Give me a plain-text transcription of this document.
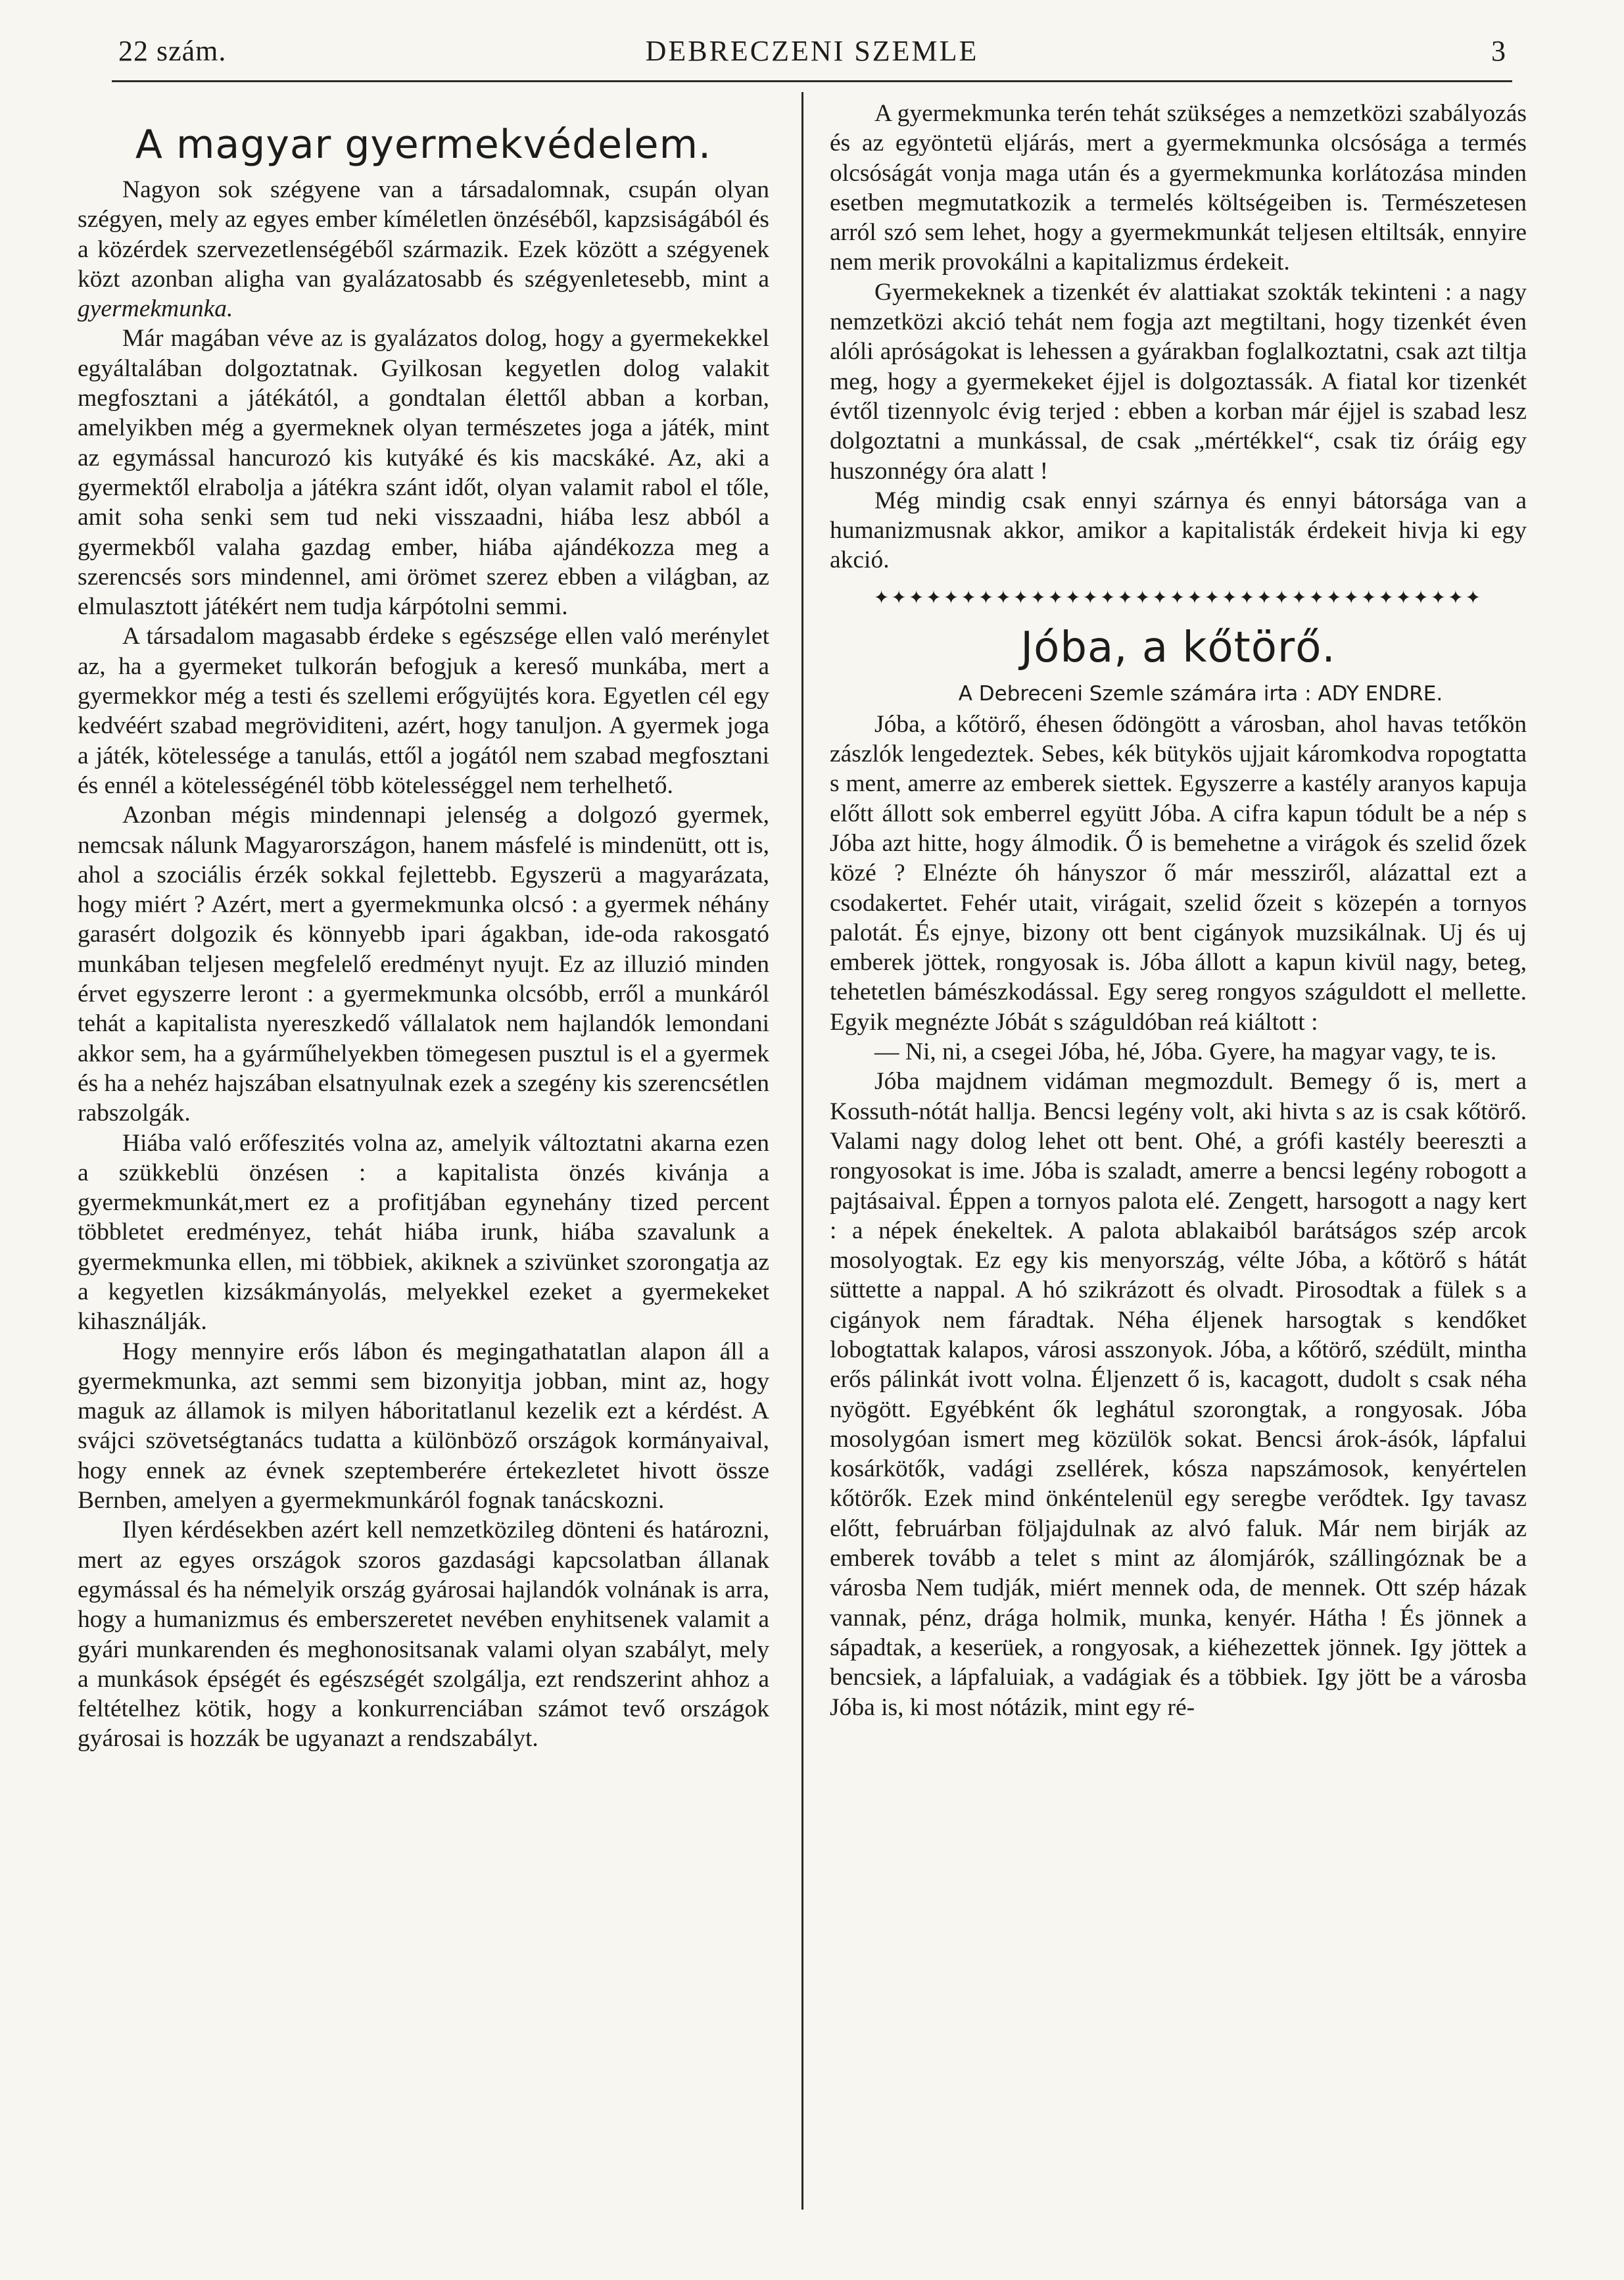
22 szám.	DEBRECZENI SZEMLE	3
A magyar gyermekvédelem.

Nagyon sok szégyene van a társadalomnak, csupán olyan szégyen, mely az egyes ember kíméletlen önzéséből, kapzsiságából és a közérdek szervezetlenségéből származik. Ezek között a szégyenek közt azonban aligha van gyalázatosabb és szégyenletesebb, mint a gyermekmunka.

Már magában véve az is gyalázatos dolog, hogy a gyermekekkel egyáltalában dolgoztatnak. Gyilkosan kegyetlen dolog valakit megfosztani a játékától, a gondtalan élettől abban a korban, amelyikben még a gyermeknek olyan természetes joga a játék, mint az egymással hancurozó kis kutyáké és kis macskáké. Az, aki a gyermektől elrabolja a játékra szánt időt, olyan valamit rabol el tőle, amit soha senki sem tud neki visszaadni, hiába lesz abból a gyermekből valaha gazdag ember, hiába ajándékozza meg a szerencsés sors mindennel, ami örömet szerez ebben a világban, az elmulasztott játékért nem tudja kárpótolni semmi.

A társadalom magasabb érdeke s egészsége ellen való merénylet az, ha a gyermeket tulkorán befogjuk a kereső munkába, mert a gyermekkor még a testi és szellemi erőgyüjtés kora. Egyetlen cél egy kedvéért szabad megröviditeni, azért, hogy tanuljon. A gyermek joga a játék, kötelessége a tanulás, ettől a jogától nem szabad megfosztani és ennél a kötelességénél több kötelességgel nem terhelhető.

Azonban mégis mindennapi jelenség a dolgozó gyermek, nemcsak nálunk Magyarországon, hanem másfelé is mindenütt, ott is, ahol a szociális érzék sokkal fejlettebb. Egyszerü a magyarázata, hogy miért ? Azért, mert a gyermekmunka olcsó : a gyermek néhány garasért dolgozik és könnyebb ipari ágakban, ide-oda rakosgató munkában teljesen megfelelő eredményt nyujt. Ez az illuzió minden érvet egyszerre leront : a gyermekmunka olcsóbb, erről a munkáról tehát a kapitalista nyereszkedő vállalatok nem hajlandók lemondani akkor sem, ha a gyárműhelyekben tömegesen pusztul is el a gyermek és ha a nehéz hajszában elsatnyulnak ezek a szegény kis szerencsétlen rabszolgák.

Hiába való erőfeszités volna az, amelyik változtatni akarna ezen a szükkeblü önzésen : a kapitalista önzés kivánja a gyermekmunkát,mert ez a profitjában egynehány tized percent többletet eredményez, tehát hiába irunk, hiába szavalunk a gyermekmunka ellen, mi többiek, akiknek a szivünket szorongatja az a kegyetlen kizsákmányolás, melyekkel ezeket a gyermekeket kihasználják.

Hogy mennyire erős lábon és megingathatatlan alapon áll a gyermekmunka, azt semmi sem bizonyitja jobban, mint az, hogy maguk az államok is milyen háboritatlanul kezelik ezt a kérdést. A svájci szövetségtanács tudatta a különböző országok kormányaival, hogy ennek az évnek szeptemberére értekezletet hivott össze Bernben, amelyen a gyermekmunkáról fognak tanácskozni.

Ilyen kérdésekben azért kell nemzetközileg dönteni és határozni, mert az egyes országok szoros gazdasági kapcsolatban állanak egymással és ha némelyik ország gyárosai hajlandók volnának is arra, hogy a humanizmus és emberszeretet nevében enyhitsenek valamit a gyári munkarenden és meghonositsanak valami olyan szabályt, mely a munkások épségét és egészségét szolgálja, ezt rendszerint ahhoz a feltételhez kötik, hogy a konkurrenciában számot tevő országok gyárosai is hozzák be ugyanazt a rendszabályt.

A gyermekmunka terén tehát szükséges a nemzetközi szabályozás és az egyöntetü eljárás, mert a gyermekmunka olcsósága a termés olcsóságát vonja maga után és a gyermekmunka korlátozása minden esetben megmutatkozik a termelés költségeiben is. Természetesen arról szó sem lehet, hogy a gyermekmunkát teljesen eltiltsák, ennyire nem merik provokálni a kapitalizmus érdekeit.

Gyermekeknek a tizenkét év alattiakat szokták tekinteni : a nagy nemzetközi akció tehát nem fogja azt megtiltani, hogy tizenkét éven alóli apróságokat is lehessen a gyárakban foglalkoztatni, csak azt tiltja meg, hogy a gyermekeket éjjel is dolgoztassák. A fiatal kor tizenkét évtől tizennyolc évig terjed : ebben a korban már éjjel is szabad lesz dolgoztatni a munkással, de csak „mértékkel“, csak tiz óráig egy huszonnégy óra alatt !

Még mindig csak ennyi szárnya és ennyi bátorsága van a humanizmusnak akkor, amikor a kapitalisták érdekeit hivja ki egy akció.

✦✦✦✦✦✦✦✦✦✦✦✦✦✦✦✦✦✦✦✦✦✦✦✦✦✦✦✦✦✦✦✦✦✦✦
Jóba, a kőtörő.

A Debreceni Szemle számára irta : ADY ENDRE.

Jóba, a kőtörő, éhesen ődöngött a városban, ahol havas tetőkön zászlók lengedeztek. Sebes, kék bütykös ujjait káromkodva ropogtatta s ment, amerre az emberek siettek. Egyszerre a kastély aranyos kapuja előtt állott sok emberrel együtt Jóba. A cifra kapun tódult be a nép s Jóba azt hitte, hogy álmodik. Ő is bemehetne a virágok és szelid őzek közé ? Elnézte óh hányszor ő már messziről, alázattal ezt a csodakertet. Fehér utait, virágait, szelid őzeit s közepén a tornyos palotát. És ejnye, bizony ott bent cigányok muzsikálnak. Uj és uj emberek jöttek, rongyosak is. Jóba állott a kapun kivül nagy, beteg, tehetetlen bámészkodással. Egy sereg rongyos száguldott el mellette. Egyik megnézte Jóbát s száguldóban reá kiáltott :

— Ni, ni, a csegei Jóba, hé, Jóba. Gyere, ha magyar vagy, te is.

Jóba majdnem vidáman megmozdult. Bemegy ő is, mert a Kossuth-nótát hallja. Bencsi legény volt, aki hivta s az is csak kőtörő. Valami nagy dolog lehet ott bent. Ohé, a grófi kastély beereszti a rongyosokat is ime. Jóba is szaladt, amerre a bencsi legény robogott a pajtásaival. Éppen a tornyos palota elé. Zengett, harsogott a nagy kert : a népek énekeltek. A palota ablakaiból barátságos szép arcok mosolyogtak. Ez egy kis menyország, vélte Jóba, a kőtörő s hátát süttette a nappal. A hó szikrázott és olvadt. Pirosodtak a fülek s a cigányok nem fáradtak. Néha éljenek harsogtak s kendőket lobogtattak kalapos, városi asszonyok. Jóba, a kőtörő, szédült, mintha erős pálinkát ivott volna. Éljenzett ő is, kacagott, dudolt s csak néha nyögött. Egyébként ők leghátul szorongtak, a rongyosak. Jóba mosolygóan ismert meg közülök sokat. Bencsi árok-ásók, lápfalui kosárkötők, vadági zsellérek, kósza napszámosok, kenyértelen kőtörők. Ezek mind önkéntelenül egy seregbe verődtek. Igy tavasz előtt, februárban följajdulnak az alvó faluk. Már nem birják az emberek tovább a telet s mint az álomjárók, szállingóznak be a városba Nem tudják, miért mennek oda, de mennek. Ott szép házak vannak, pénz, drága holmik, munka, kenyér. Hátha ! És jönnek a sápadtak, a keserüek, a rongyosak, a kiéhezettek jönnek. Igy jöttek a bencsiek, a lápfaluiak, a vadágiak és a többiek. Igy jött be a városba Jóba is, ki most nótázik, mint egy ré-
